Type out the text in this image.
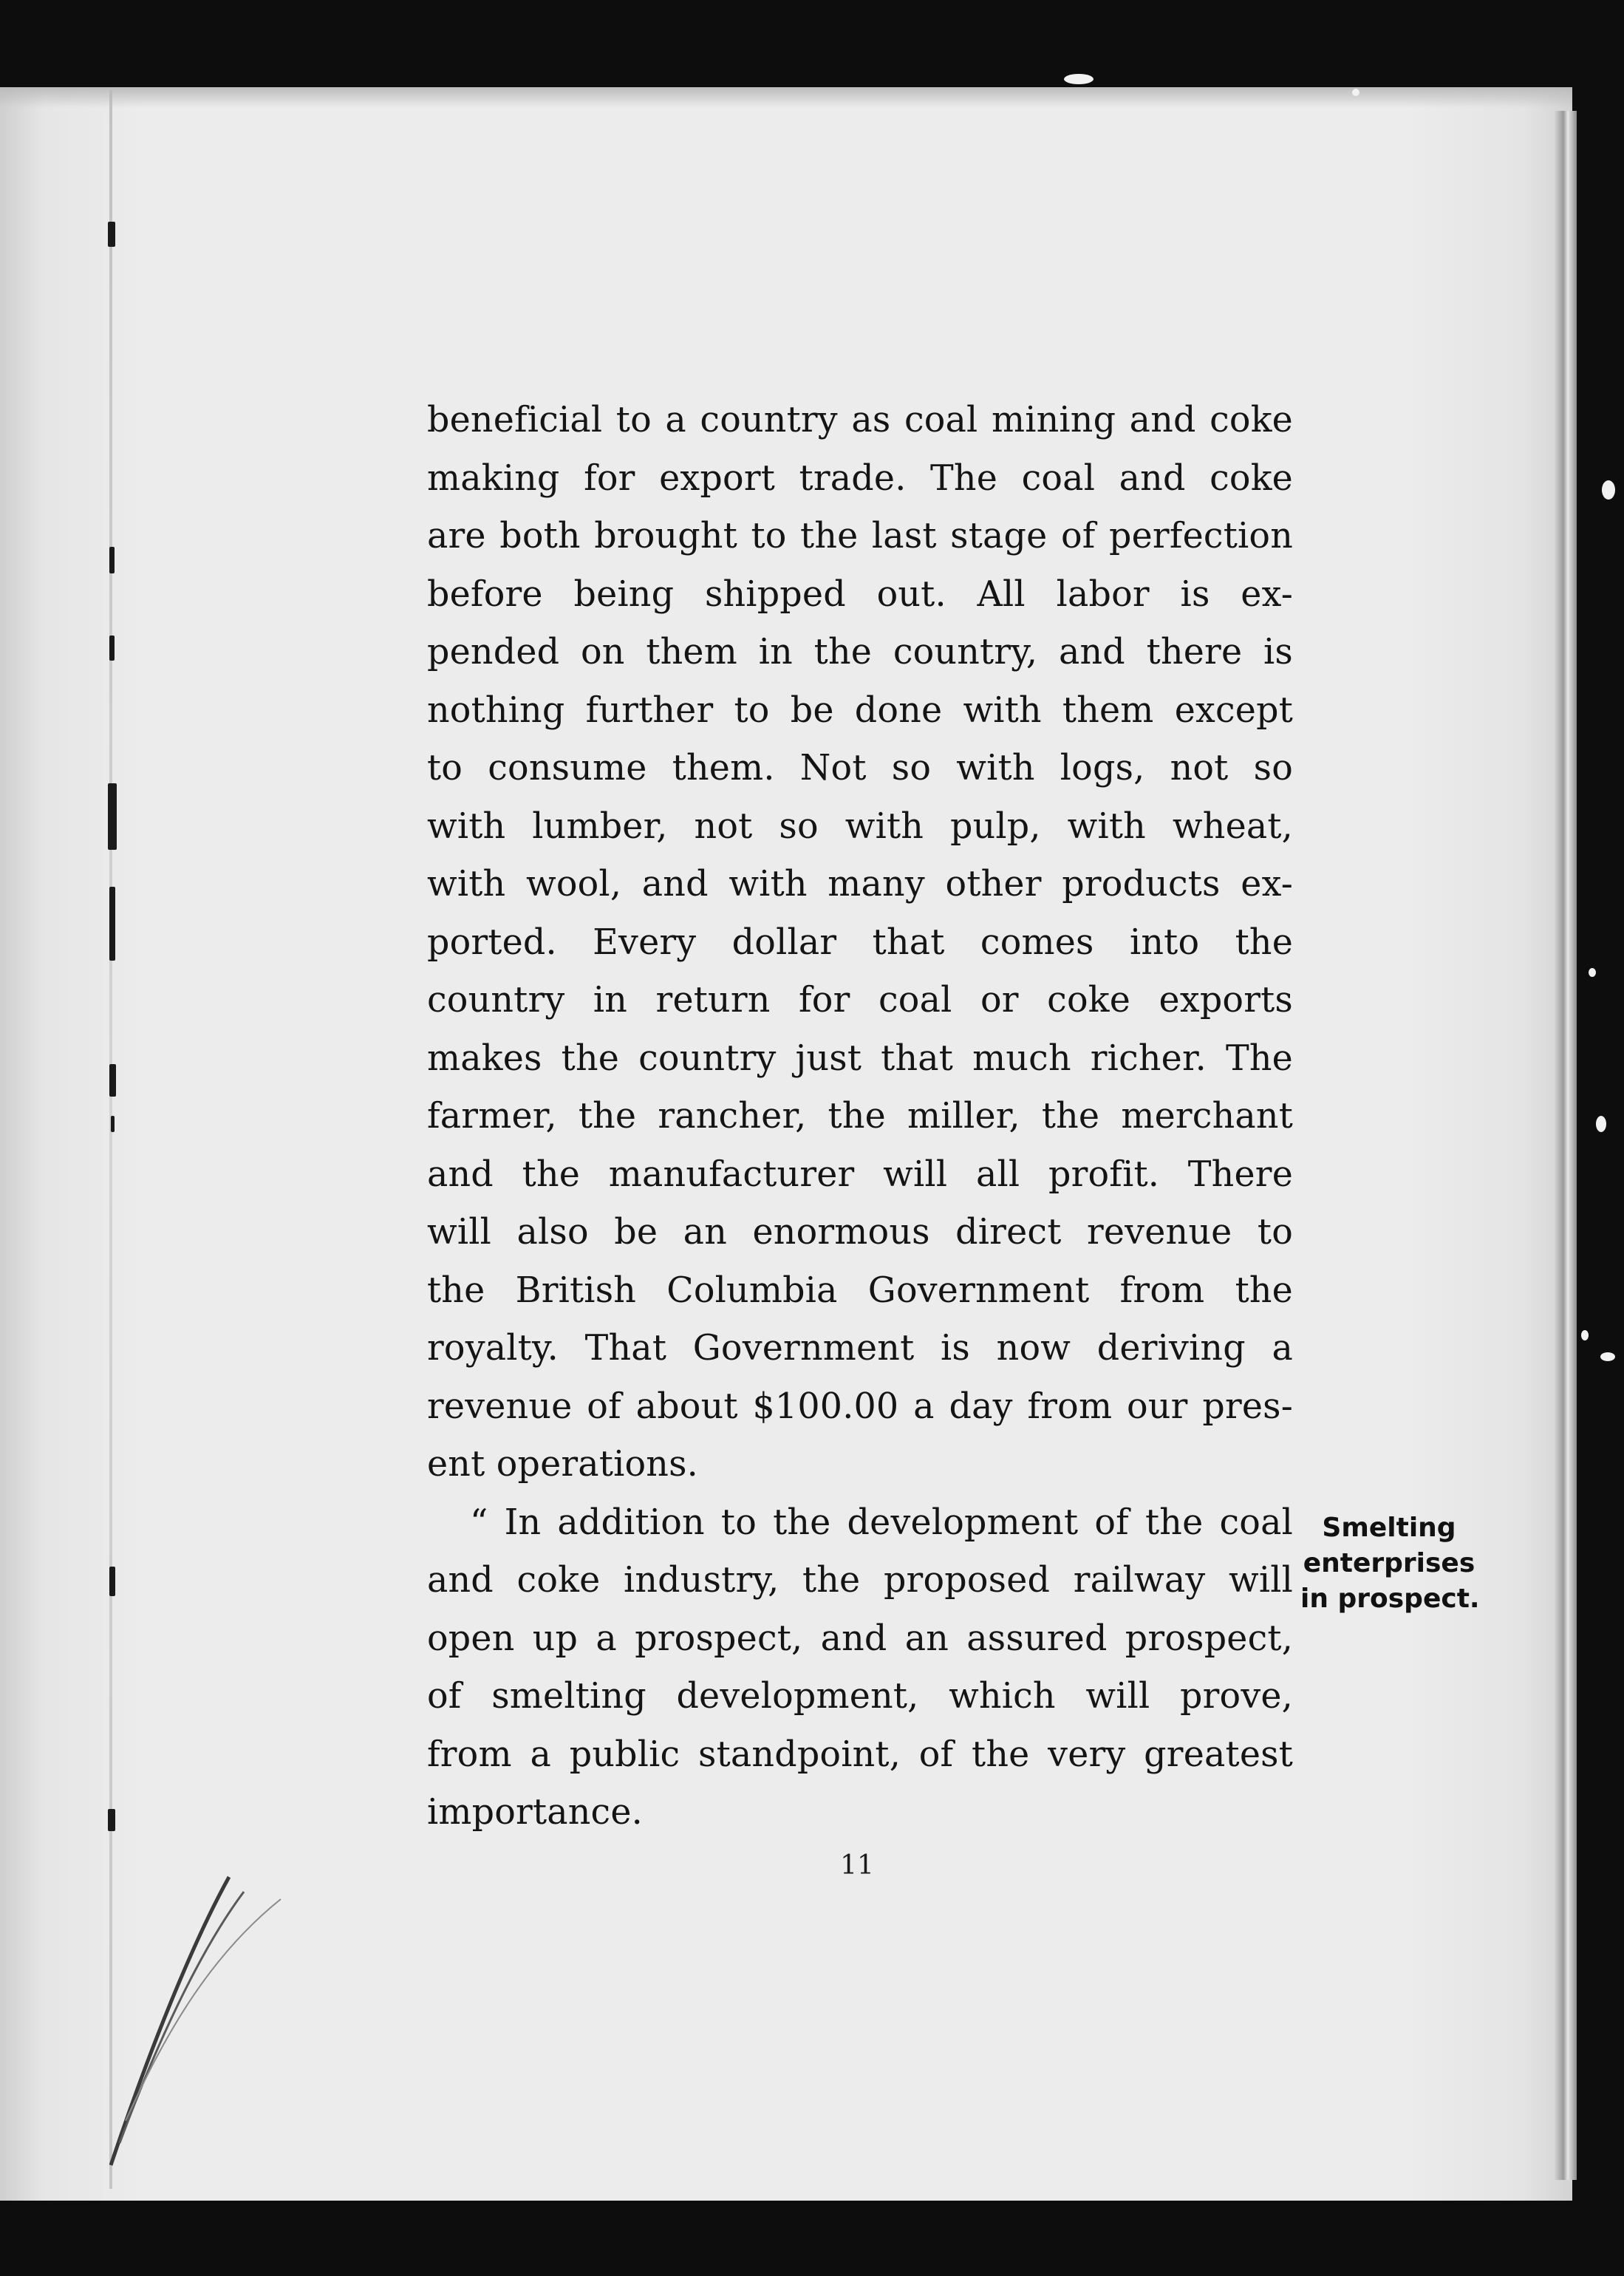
beneficial to a country as coal mining and coke
making for export trade. The coal and coke
are both brought to the last stage of perfection
before being shipped out. All labor is ex-
pended on them in the country, and there is
nothing further to be done with them except
to consume them. Not so with logs, not so
with lumber, not so with pulp, with wheat,
with wool, and with many other products ex-
ported. Every dollar that comes into the
country in return for coal or coke exports
makes the country just that much richer. The
farmer, the rancher, the miller, the merchant
and the manufacturer will all profit. There
will also be an enormous direct revenue to
the British Columbia Government from the
royalty. That Government is now deriving a
revenue of about $100.00 a day from our pres-
ent operations.
“ In addition to the development of the coal
and coke industry, the proposed railway will
open up a prospect, and an assured prospect,
of smelting development, which will prove,
from a public standpoint, of the very greatest
importance.
Smelting
enterprises
in prospect.
11
